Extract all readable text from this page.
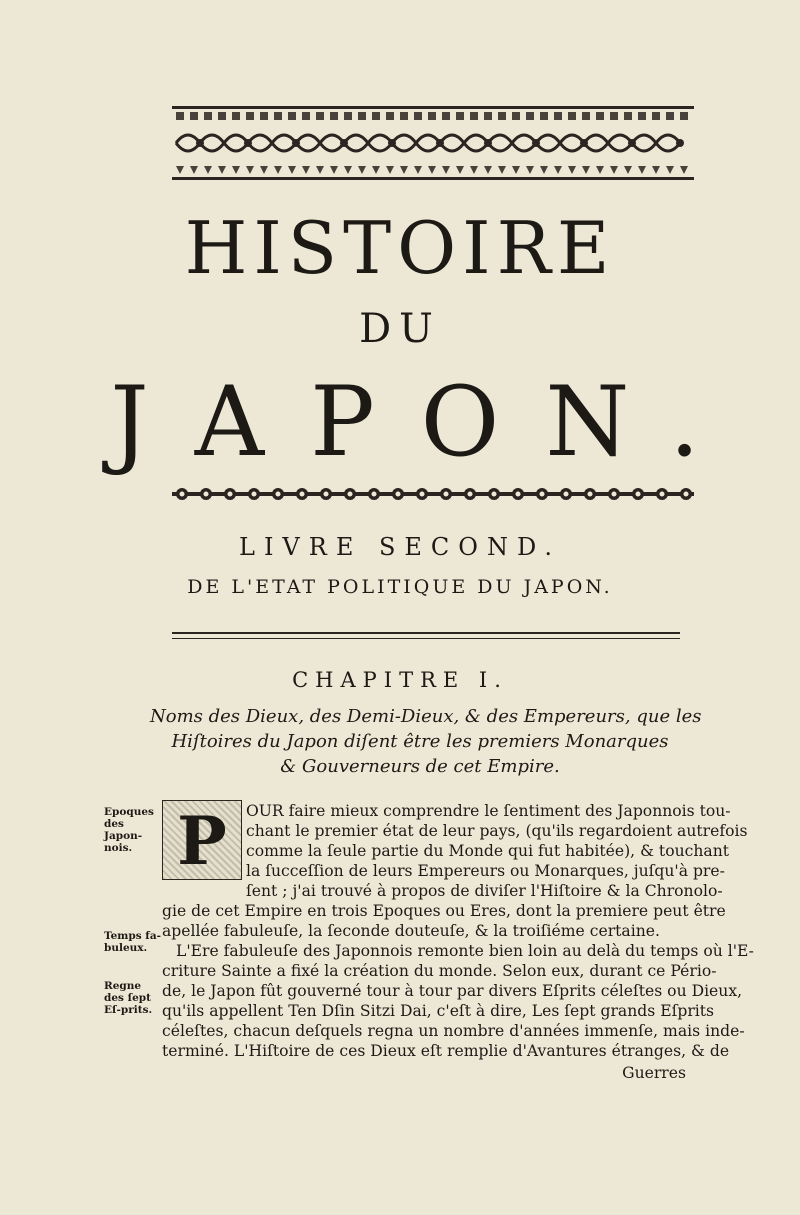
HISTOIRE
DU
JAPON.
LIVRE SECOND.
DE L'ETAT POLITIQUE DU JAPON.
CHAPITRE I.
Noms des Dieux, des Demi-Dieux, & des Empereurs, que les
Hiſtoires du Japon diſent être les premiers Monarques
& Gouverneurs de cet Empire.
Epoques des Japon-nois.
Temps fa-buleux.
Regne des ſept Eſ-prits.
P	OUR faire mieux comprendre le ſentiment des Japonnois tou-
chant le premier état de leur pays, (qu'ils regardoient autrefois
comme la ſeule partie du Monde qui fut habitée), & touchant
la ſucceſſion de leurs Empereurs ou Monarques, juſqu'à pre-
ſent ; j'ai trouvé à propos de diviſer l'Hiſtoire & la Chronolo-
gie de cet Empire en trois Epoques ou Eres, dont la premiere peut être
apellée fabuleuſe, la ſeconde douteuſe, & la troiſiéme certaine.
L'Ere fabuleuſe des Japonnois remonte bien loin au delà du temps où l'E-
criture Sainte a fixé la création du monde. Selon eux, durant ce Pério-
de, le Japon fût gouverné tour à tour par divers Eſprits céleſtes ou Dieux,
qu'ils appellent Ten Dſin Sitzi Dai, c'eſt à dire, Les ſept grands Eſprits
céleſtes, chacun deſquels regna un nombre d'années immenſe, mais inde-
terminé. L'Hiſtoire de ces Dieux eſt remplie d'Avantures étranges, & de
Guerres
